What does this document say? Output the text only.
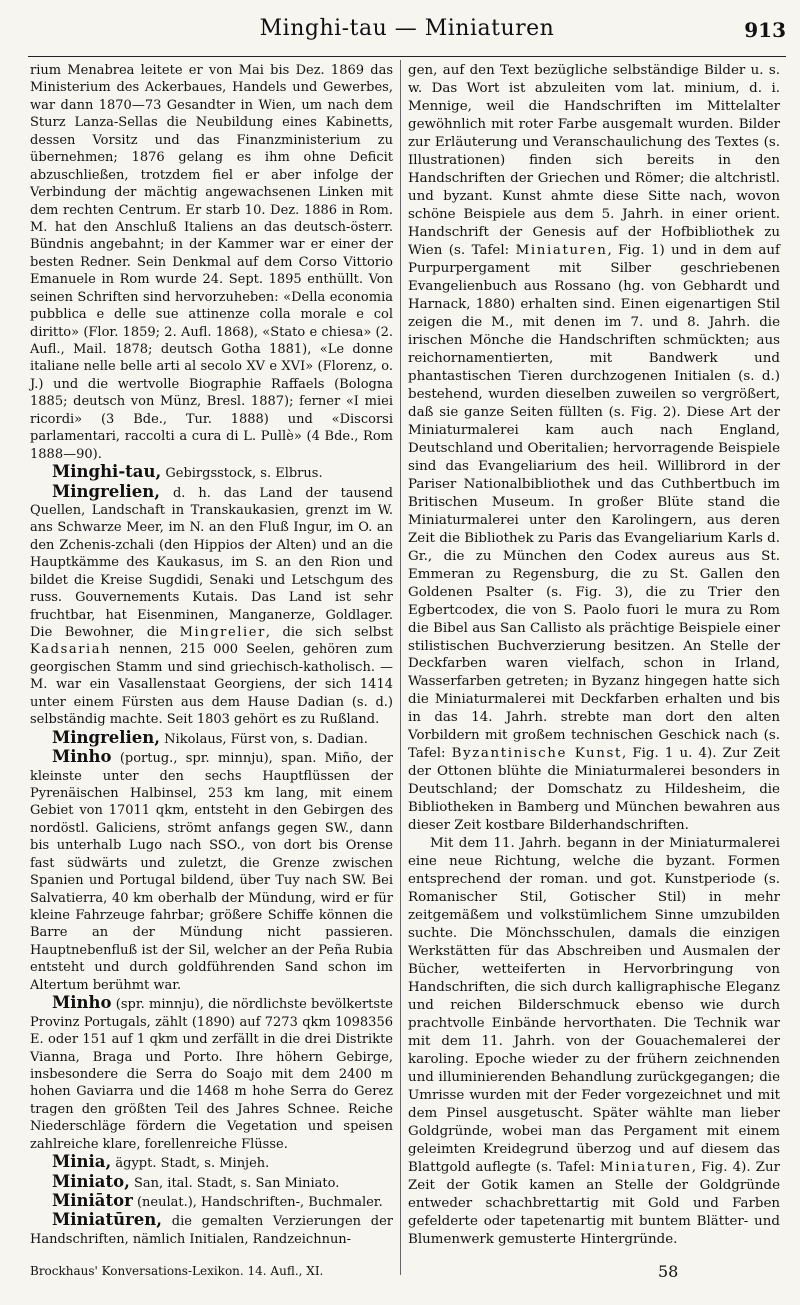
Minghi-tau — Miniaturen	913

rium Menabrea leitete er von Mai bis Dez. 1869 das Ministerium des Ackerbaues, Handels und Gewerbes, war dann 1870—73 Gesandter in Wien, um nach dem Sturz Lanza-Sellas die Neubildung eines Kabinetts, dessen Vorsitz und das Finanzministerium zu übernehmen; 1876 gelang es ihm ohne Deficit abzuschließen, trotzdem fiel er aber infolge der Verbindung der mächtig angewachsenen Linken mit dem rechten Centrum. Er starb 10. Dez. 1886 in Rom. M. hat den Anschluß Italiens an das deutsch-österr. Bündnis angebahnt; in der Kammer war er einer der besten Redner. Sein Denkmal auf dem Corso Vittorio Emanuele in Rom wurde 24. Sept. 1895 enthüllt. Von seinen Schriften sind hervorzuheben: «Della economia pubblica e delle sue attinenze colla morale e col diritto» (Flor. 1859; 2. Aufl. 1868), «Stato e chiesa» (2. Aufl., Mail. 1878; deutsch Gotha 1881), «Le donne italiane nelle belle arti al secolo XV e XVI» (Florenz, o. J.) und die wertvolle Biographie Raffaels (Bologna 1885; deutsch von Münz, Bresl. 1887); ferner «I miei ricordi» (3 Bde., Tur. 1888) und «Discorsi parlamentari, raccolti a cura di L. Pullè» (4 Bde., Rom 1888—90).

Minghi-tau, Gebirgsstock, s. Elbrus.

Mingrelien, d. h. das Land der tausend Quellen, Landschaft in Transkaukasien, grenzt im W. ans Schwarze Meer, im N. an den Fluß Ingur, im O. an den Zchenis-zchali (den Hippios der Alten) und an die Hauptkämme des Kaukasus, im S. an den Rion und bildet die Kreise Sugdidi, Senaki und Letschgum des russ. Gouvernements Kutais. Das Land ist sehr fruchtbar, hat Eisenminen, Manganerze, Goldlager. Die Bewohner, die Mingrelier, die sich selbst Kadsariah nennen, 215 000 Seelen, gehören zum georgischen Stamm und sind griechisch-katholisch. — M. war ein Vasallenstaat Georgiens, der sich 1414 unter einem Fürsten aus dem Hause Dadian (s. d.) selbständig machte. Seit 1803 gehört es zu Rußland.

Mingrelien, Nikolaus, Fürst von, s. Dadian.

Minho (portug., spr. minnju), span. Miño, der kleinste unter den sechs Hauptflüssen der Pyrenäischen Halbinsel, 253 km lang, mit einem Gebiet von 17011 qkm, entsteht in den Gebirgen des nordöstl. Galiciens, strömt anfangs gegen SW., dann bis unterhalb Lugo nach SSO., von dort bis Orense fast südwärts und zuletzt, die Grenze zwischen Spanien und Portugal bildend, über Tuy nach SW. Bei Salvatierra, 40 km oberhalb der Mündung, wird er für kleine Fahrzeuge fahrbar; größere Schiffe können die Barre an der Mündung nicht passieren. Hauptnebenfluß ist der Sil, welcher an der Peña Rubia entsteht und durch goldführenden Sand schon im Altertum berühmt war.

Minho (spr. minnju), die nördlichste bevölkertste Provinz Portugals, zählt (1890) auf 7273 qkm 1098356 E. oder 151 auf 1 qkm und zerfällt in die drei Distrikte Vianna, Braga und Porto. Ihre höhern Gebirge, insbesondere die Serra do Soajo mit dem 2400 m hohen Gaviarra und die 1468 m hohe Serra do Gerez tragen den größten Teil des Jahres Schnee. Reiche Niederschläge fördern die Vegetation und speisen zahlreiche klare, forellenreiche Flüsse.

Minia, ägypt. Stadt, s. Minjeh.

Miniato, San, ital. Stadt, s. San Miniato.

Miniātor (neulat.), Handschriften-, Buchmaler.

Miniatūren, die gemalten Verzierungen der Handschriften, nämlich Initialen, Randzeichnun-

gen, auf den Text bezügliche selbständige Bilder u. s. w. Das Wort ist abzuleiten vom lat. minium, d. i. Mennige, weil die Handschriften im Mittelalter gewöhnlich mit roter Farbe ausgemalt wurden. Bilder zur Erläuterung und Veranschaulichung des Textes (s. Illustrationen) finden sich bereits in den Handschriften der Griechen und Römer; die altchristl. und byzant. Kunst ahmte diese Sitte nach, wovon schöne Beispiele aus dem 5. Jahrh. in einer orient. Handschrift der Genesis auf der Hofbibliothek zu Wien (s. Tafel: Miniaturen, Fig. 1) und in dem auf Purpurpergament mit Silber geschriebenen Evangelienbuch aus Rossano (hg. von Gebhardt und Harnack, 1880) erhalten sind. Einen eigenartigen Stil zeigen die M., mit denen im 7. und 8. Jahrh. die irischen Mönche die Handschriften schmückten; aus reichornamentierten, mit Bandwerk und phantastischen Tieren durchzogenen Initialen (s. d.) bestehend, wurden dieselben zuweilen so vergrößert, daß sie ganze Seiten füllten (s. Fig. 2). Diese Art der Miniaturmalerei kam auch nach England, Deutschland und Oberitalien; hervorragende Beispiele sind das Evangeliarium des heil. Willibrord in der Pariser Nationalbibliothek und das Cuthbertbuch im Britischen Museum. In großer Blüte stand die Miniaturmalerei unter den Karolingern, aus deren Zeit die Bibliothek zu Paris das Evangeliarium Karls d. Gr., die zu München den Codex aureus aus St. Emmeran zu Regensburg, die zu St. Gallen den Goldenen Psalter (s. Fig. 3), die zu Trier den Egbertcodex, die von S. Paolo fuori le mura zu Rom die Bibel aus San Callisto als prächtige Beispiele einer stilistischen Buchverzierung besitzen. An Stelle der Deckfarben waren vielfach, schon in Irland, Wasserfarben getreten; in Byzanz hingegen hatte sich die Miniaturmalerei mit Deckfarben erhalten und bis in das 14. Jahrh. strebte man dort den alten Vorbildern mit großem technischen Geschick nach (s. Tafel: Byzantinische Kunst, Fig. 1 u. 4). Zur Zeit der Ottonen blühte die Miniaturmalerei besonders in Deutschland; der Domschatz zu Hildesheim, die Bibliotheken in Bamberg und München bewahren aus dieser Zeit kostbare Bilderhandschriften.

Mit dem 11. Jahrh. begann in der Miniaturmalerei eine neue Richtung, welche die byzant. Formen entsprechend der roman. und got. Kunstperiode (s. Romanischer Stil, Gotischer Stil) in mehr zeitgemäßem und volkstümlichem Sinne umzubilden suchte. Die Mönchsschulen, damals die einzigen Werkstätten für das Abschreiben und Ausmalen der Bücher, wetteiferten in Hervorbringung von Handschriften, die sich durch kalligraphische Eleganz und reichen Bilderschmuck ebenso wie durch prachtvolle Einbände hervorthaten. Die Technik war mit dem 11. Jahrh. von der Gouachemalerei der karoling. Epoche wieder zu der frühern zeichnenden und illuminierenden Behandlung zurückgegangen; die Umrisse wurden mit der Feder vorgezeichnet und mit dem Pinsel ausgetuscht. Später wählte man lieber Goldgründe, wobei man das Pergament mit einem geleimten Kreidegrund überzog und auf diesem das Blattgold auflegte (s. Tafel: Miniaturen, Fig. 4). Zur Zeit der Gotik kamen an Stelle der Goldgründe entweder schachbrettartig mit Gold und Farben gefelderte oder tapetenartig mit buntem Blätter- und Blumenwerk gemusterte Hintergründe.

Brockhaus' Konversations-Lexikon. 14. Aufl., XI.	58
